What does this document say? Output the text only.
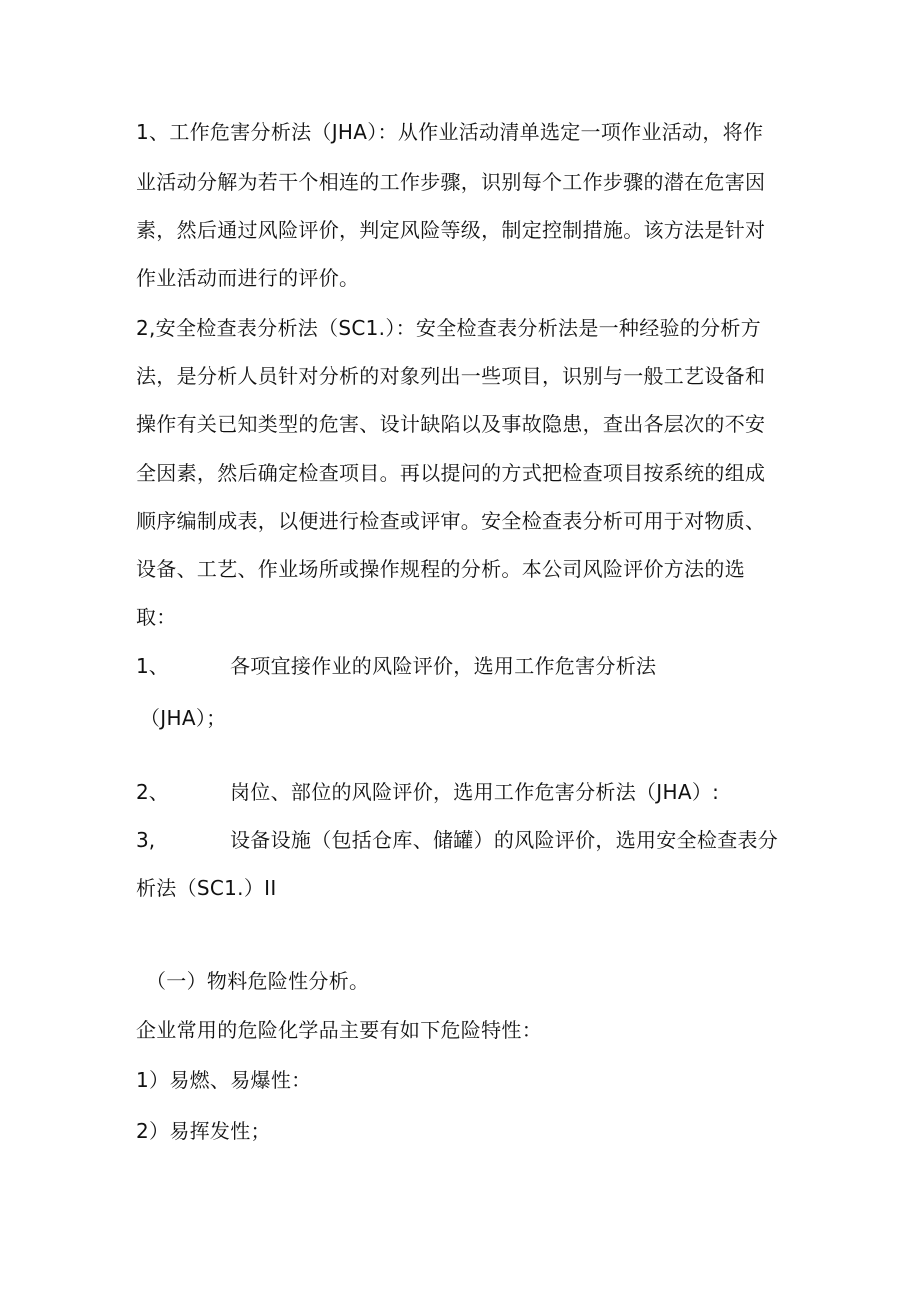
1、工作危害分析法（JHA）：从作业活动清单选定一项作业活动，将作
业活动分解为若干个相连的工作步骤，识别每个工作步骤的潜在危害因
素，然后通过风险评价，判定风险等级，制定控制措施。该方法是针对
作业活动而进行的评价。
2,安全检查表分析法（SC1.）：安全检查表分析法是一种经验的分析方
法，是分析人员针对分析的对象列出一些项目，识别与一般工艺设备和
操作有关已知类型的危害、设计缺陷以及事故隐患，查出各层次的不安
全因素，然后确定检查项目。再以提问的方式把检查项目按系统的组成
顺序编制成表，以便进行检查或评审。安全检查表分析可用于对物质、
设备、工艺、作业场所或操作规程的分析。本公司风险评价方法的选
取：
1、	各项宜接作业的风险评价，选用工作危害分析法
（JHA）；
2、	岗位、部位的风险评价，选用工作危害分析法（JHA）:
3,	设备设施（包括仓库、储罐）的风险评价，选用安全检查表分
析法（SC1.）II
（一）物料危险性分析。
企业常用的危险化学品主要有如下危险特性：
1）易燃、易爆性：
2）易挥发性；
